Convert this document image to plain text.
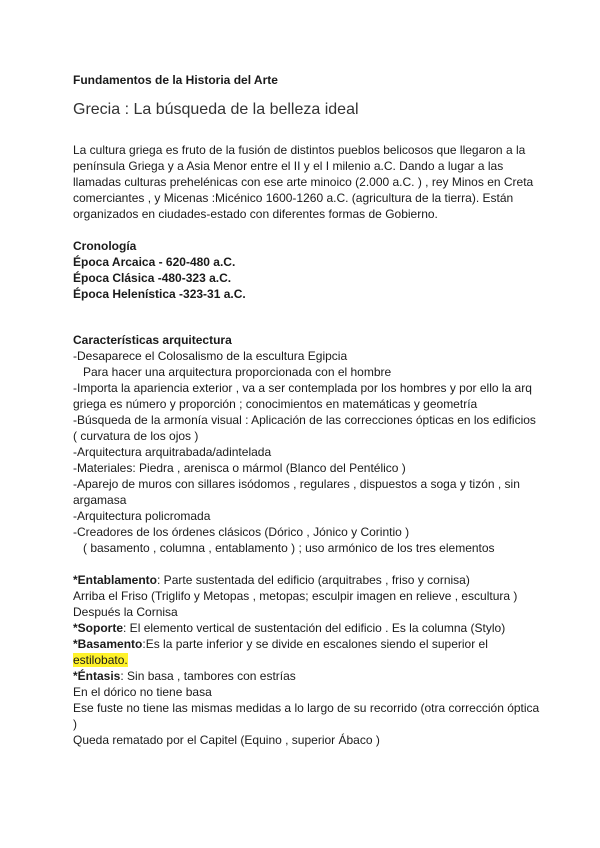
Fundamentos de la Historia del Arte

Grecia : La búsqueda de la belleza ideal

La cultura griega es fruto de la fusión de distintos pueblos belicosos que llegaron a la península Griega y a Asia Menor entre el II y el I milenio a.C. Dando a lugar a las llamadas culturas prehelénicas con ese arte minoico (2.000 a.C. ) , rey Minos en Creta comerciantes , y Micenas :Micénico 1600-1260 a.C. (agricultura de la tierra). Están organizados en ciudades-estado con diferentes formas de Gobierno.

Cronología

Época Arcaica - 620-480 a.C.

Época Clásica -480-323 a.C.

Época Helenística -323-31 a.C.

Características arquitectura

-Desaparece el Colosalismo de la escultura Egipcia

Para hacer una arquitectura proporcionada con el hombre

-Importa la apariencia exterior , va a ser contemplada por los hombres y por ello la arq griega es número y proporción ; conocimientos en matemáticas y geometría

-Búsqueda de la armonía visual : Aplicación de las correcciones ópticas en los edificios ( curvatura de los ojos )

-Arquitectura arquitrabada/adintelada

-Materiales: Piedra , arenisca o mármol (Blanco del Pentélico )

-Aparejo de muros con sillares isódomos , regulares , dispuestos a soga y tizón , sin argamasa

-Arquitectura policromada

-Creadores de los órdenes clásicos (Dórico , Jónico y Corintio )

( basamento , columna , entablamento ) ; uso armónico de los tres elementos

*Entablamento: Parte sustentada del edificio (arquitrabes , friso y cornisa)

Arriba el Friso (Triglifo y Metopas , metopas; esculpir imagen en relieve , escultura )

Después la Cornisa

*Soporte: El elemento vertical de sustentación del edificio . Es la columna (Stylo)

*Basamento:Es la parte inferior y se divide en escalones siendo el superior el estilobato.

*Éntasis: Sin basa , tambores con estrías

En el dórico no tiene basa

Ese fuste no tiene las mismas medidas a lo largo de su recorrido (otra corrección óptica )

Queda rematado por el Capitel (Equino , superior Ábaco )
